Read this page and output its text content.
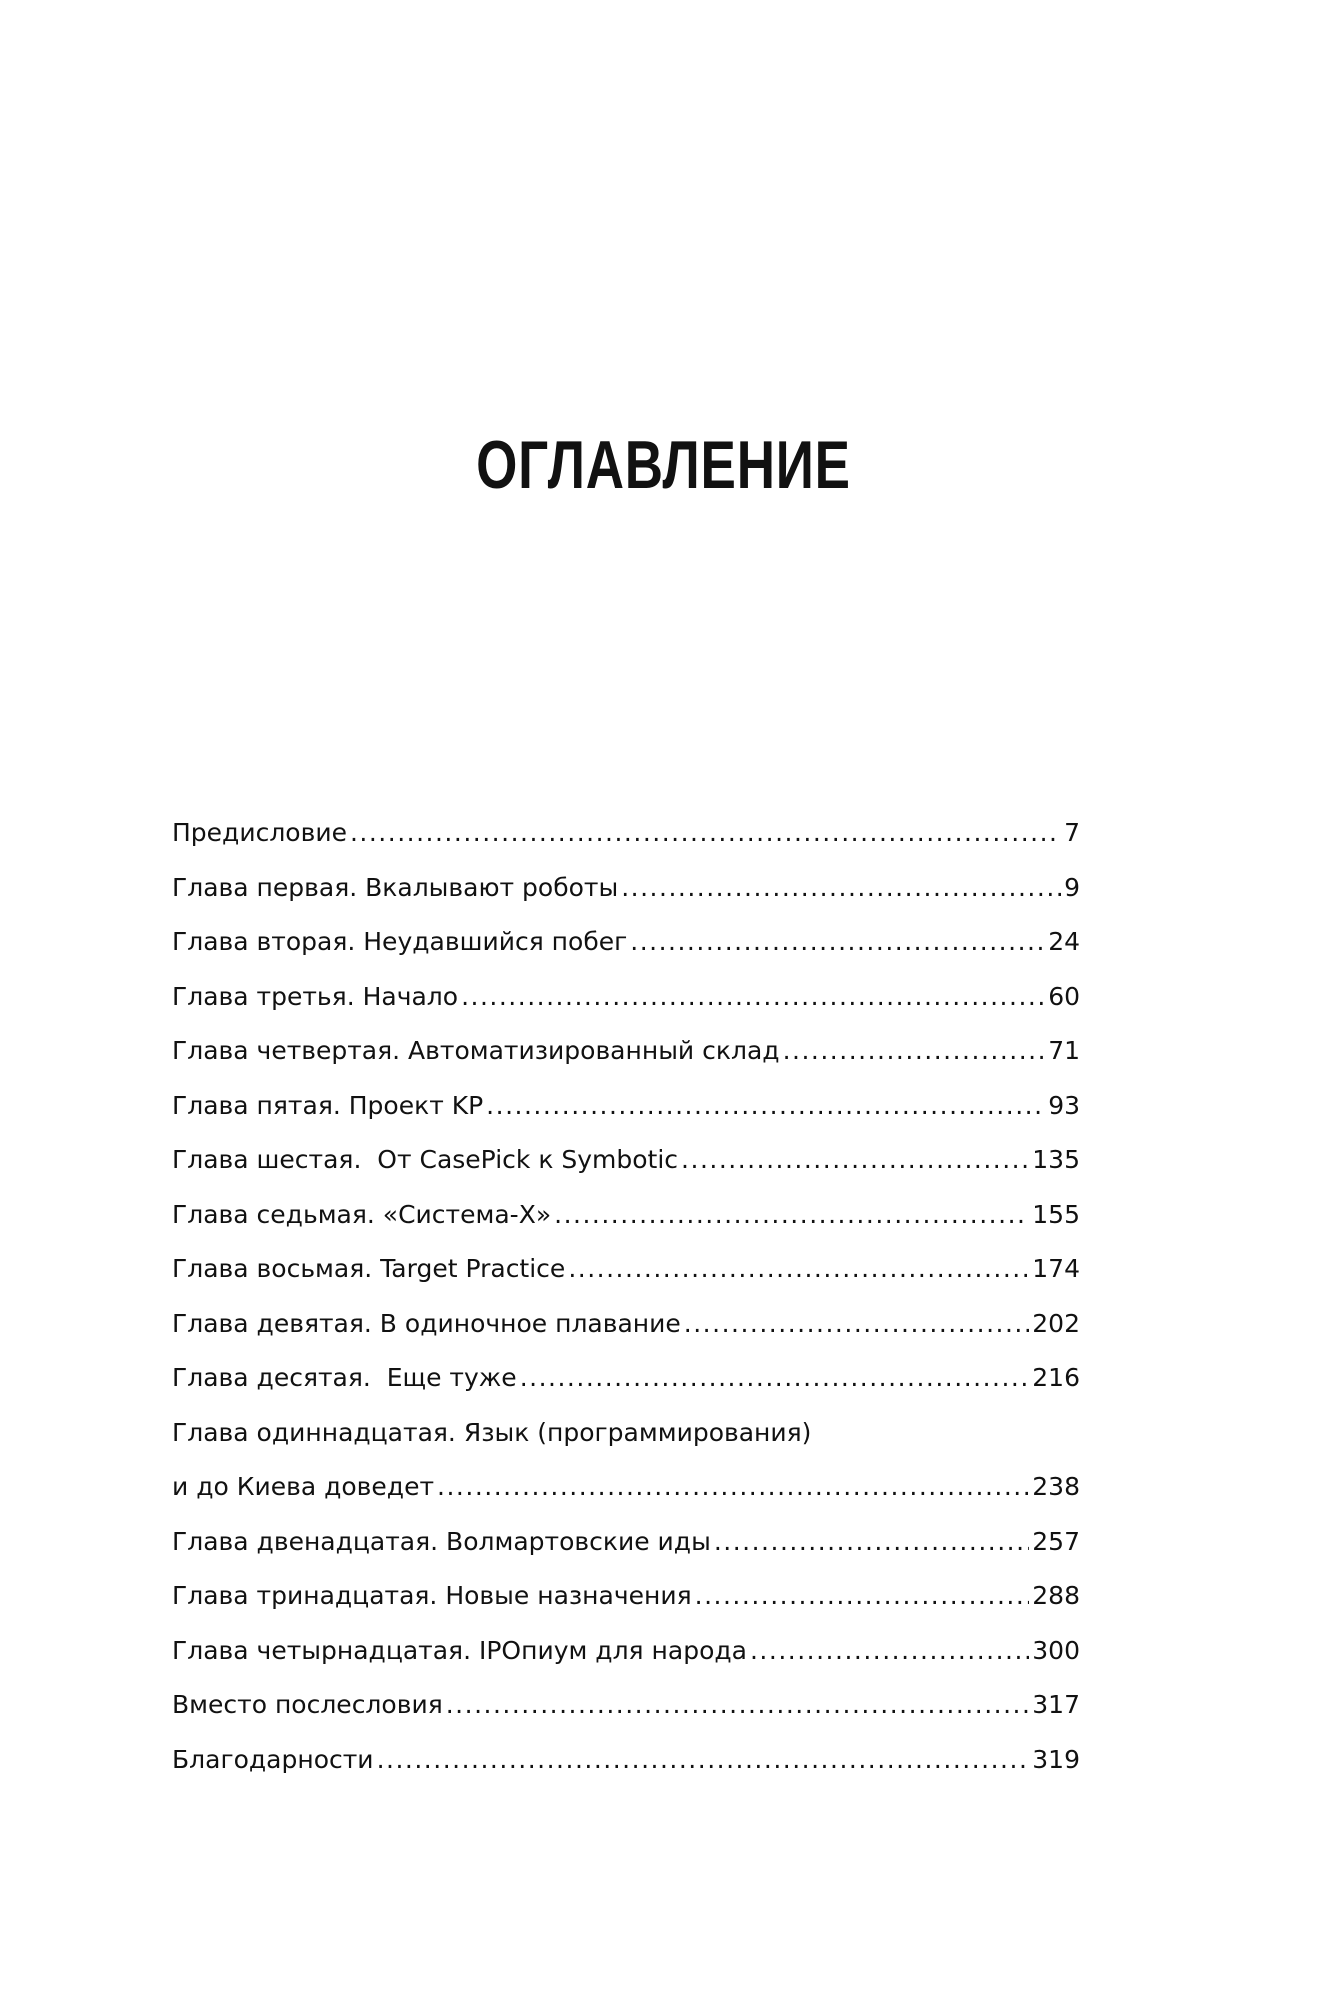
ОГЛАВЛЕНИЕ
Предисловие .....	7
Глава первая. Вкалывают роботы .....	9
Глава вторая. Неудавшийся побег .....	24
Глава третья. Начало .....	60
Глава четвертая. Автоматизированный склад .....	71
Глава пятая. Проект KP .....	93
Глава шестая.  От CasePick к Symbotic .....	135
Глава седьмая. «Система-Х» .....	155
Глава восьмая. Target Practice .....	174
Глава девятая. В одиночное плавание .....	202
Глава десятая.  Еще туже .....	216
Глава одиннадцатая. Язык (программирования)
и до Киева доведет .....	238
Глава двенадцатая. Волмартовские иды .....	257
Глава тринадцатая. Новые назначения .....	288
Глава четырнадцатая. IPOпиум для народа .....	300
Вместо послесловия .....	317
Благодарности .....	319
